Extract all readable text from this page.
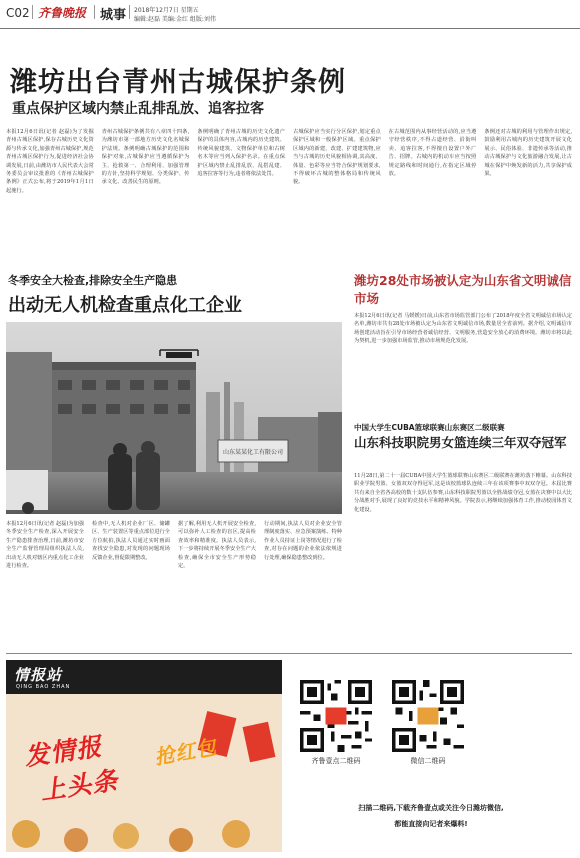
C02 齐鲁晚报 城事 2018年12月7日 星期五
编辑:赵磊 美编:金红 组版:刘伟
潍坊出台青州古城保护条例
重点保护区域内禁止乱排乱放、追客拉客

本报12月6日讯(记者 赵磊)为了发掘青州古城区保护,保存古城历史文化资源与传承文化,加强青州古城保护,规范青州古城区保护行为,促进经济社会协调发展,日前,由潍坊市人民代表大会常务委员会审议批准的《青州古城保护条例》正式公布,将于2019年1月1日起施行。

青州古城保护条例共有八章四十四条,为潍坊市第一部地方历史文化名城保护法规。条例明确古城保护的范围和保护对象,古城保护应当遵循保护为主、抢救第一、合理利用、加强管理的方针,坚持科学规划、分类保护、传承文化、改善民生的原则。

条例明确了青州古城的历史文化遗产保护的具体内容,古城内的历史建筑、传统风貌建筑、文物保护单位和古树名木等应当列入保护名录。在重点保护区域内禁止乱排乱放、乱搭乱建、追客拉客等行为,违者将依法处罚。

古城保护应当实行分区保护,划定重点保护区域和一般保护区域。重点保护区域内的新建、改建、扩建建筑物,应当与古城的历史风貌相协调,其高度、体量、色彩等应当符合保护规划要求,不得破坏古城的整体格局和传统风貌。

在古城范围内从事经营活动的,应当遵守经营秩序,不得占道经营、沿街叫卖、追客拉客,不得擅自设置户外广告、招牌。古城内的机动车应当按照规定路线和时间通行,在指定区域停放。

条例还对古城的利用与管理作出规定,鼓励利用古城内的历史建筑开展文化展示、民俗体验、非遗传承等活动,推动古城保护与文化旅游融合发展,让古城在保护中焕发新的活力,共享保护成果。

冬季安全大检查,排除安全生产隐患
出动无人机检查重点化工企业
山东某某化工有限公司

本报12月6日讯(记者 赵磊)为加强冬季安全生产检查,深入开展安全生产隐患排查治理,日前,潍坊市安全生产监督管理局组织执法人员,出动无人机对辖区内重点化工企业进行检查。

检查中,无人机对企业厂区、储罐区、生产装置区等重点部位进行全方位航拍,执法人员通过实时画面查找安全隐患,对发现的问题现场反馈企业,督促限期整改。

据了解,利用无人机开展安全检查,可以弥补人工检查的盲区,提高检查效率和精准度。执法人员表示,下一步将持续开展冬季安全生产大检查,确保全市安全生产形势稳定。

行动期间,执法人员对企业安全管理制度落实、应急预案演练、特种作业人员持证上岗等情况进行了检查,对存在问题的企业依法依规进行处理,确保隐患整改到位。

潍坊28处市场被认定为山东省文明诚信市场

本报12月6日讯(记者 马媛媛)日前,山东省市场监管部门公布了2018年度全省文明诚信市场认定名单,潍坊市共有28处市场被认定为山东省文明诚信市场,数量居全省前列。据介绍,文明诚信市场创建活动旨在引导市场经营者诚信经营、文明服务,营造安全放心的消费环境。潍坊市将以此为契机,进一步加强市场监管,推动市场规范化发展。

中国大学生CUBA篮球联赛山东赛区二级联赛
山东科技职院男女篮连续三年双夺冠军

11月28日,第二十一届CUBA中国大学生篮球联赛山东赛区二级联赛在潍坊落下帷幕。山东科技职业学院男篮、女篮双双夺得冠军,这是该校篮球队连续三年在该项赛事中双双夺冠。本届比赛共有来自全省各高校的数十支队伍参赛,山东科技职院男篮以全胜战绩夺冠,女篮在决赛中以大比分战胜对手,展现了良好的竞技水平和精神风貌。学院表示,将继续加强体育工作,推动校园体育文化建设。

情报站
QING BAO ZHAN
发情报
上头条
抢红包	齐鲁壹点二维码	微信二维码
扫描二维码,下载齐鲁壹点或关注今日潍坊微信,
都能直接向记者来爆料!
